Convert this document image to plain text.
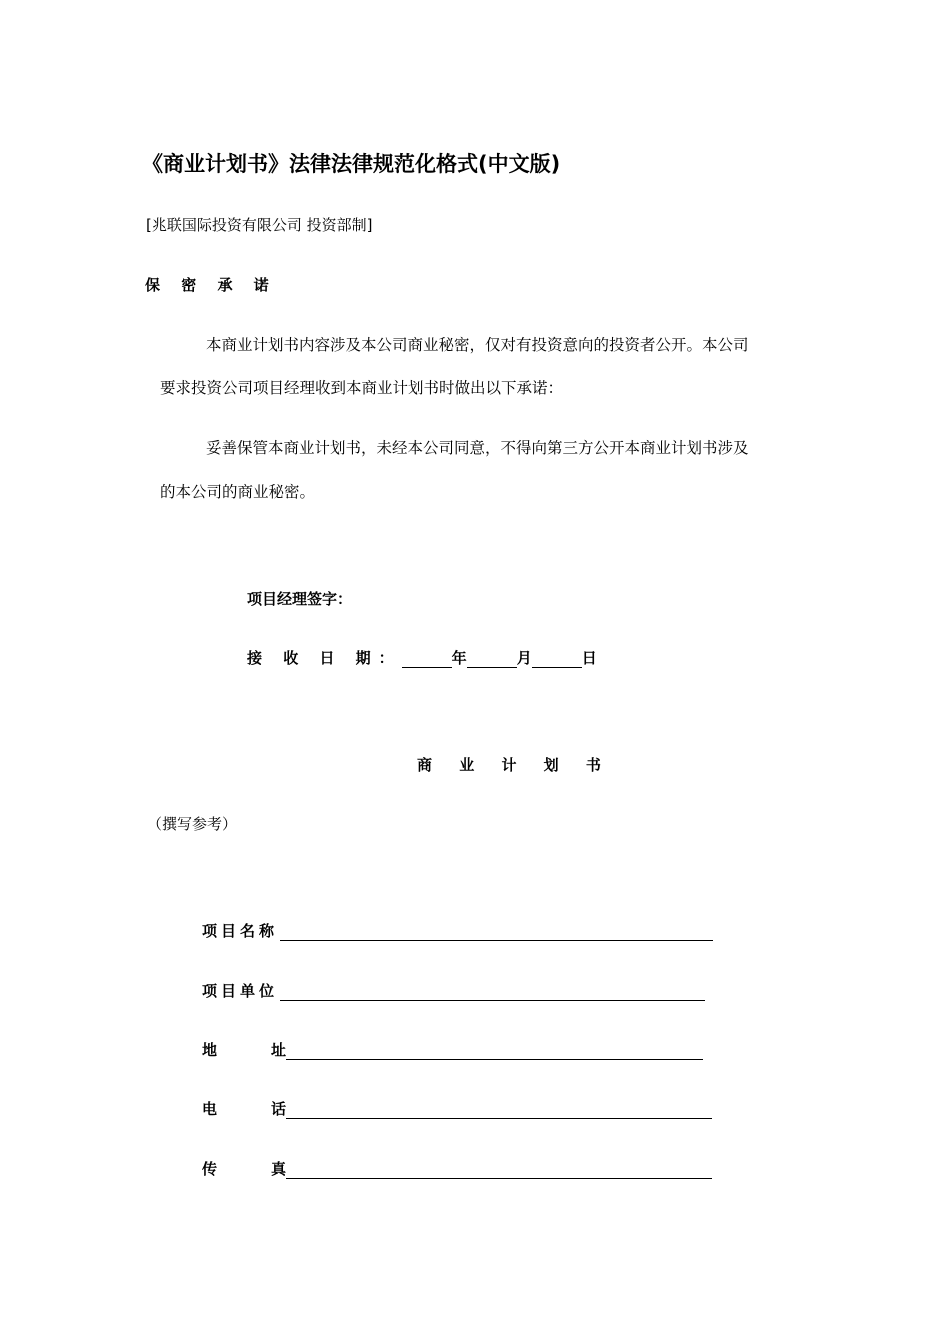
《商业计划书》法律法律规范化格式(中文版)
[兆联国际投资有限公司 投资部制]
保 密 承 诺
本商业计划书内容涉及本公司商业秘密，仅对有投资意向的投资者公开。本公司
要求投资公司项目经理收到本商业计划书时做出以下承诺：
妥善保管本商业计划书，未经本公司同意，不得向第三方公开本商业计划书涉及
的本公司的商业秘密。
项目经理签字：
接 收 日 期：	年	月	日
商 业 计 划 书
（撰写参考）
项目名称
项目单位
地	址
电	话
传	真
